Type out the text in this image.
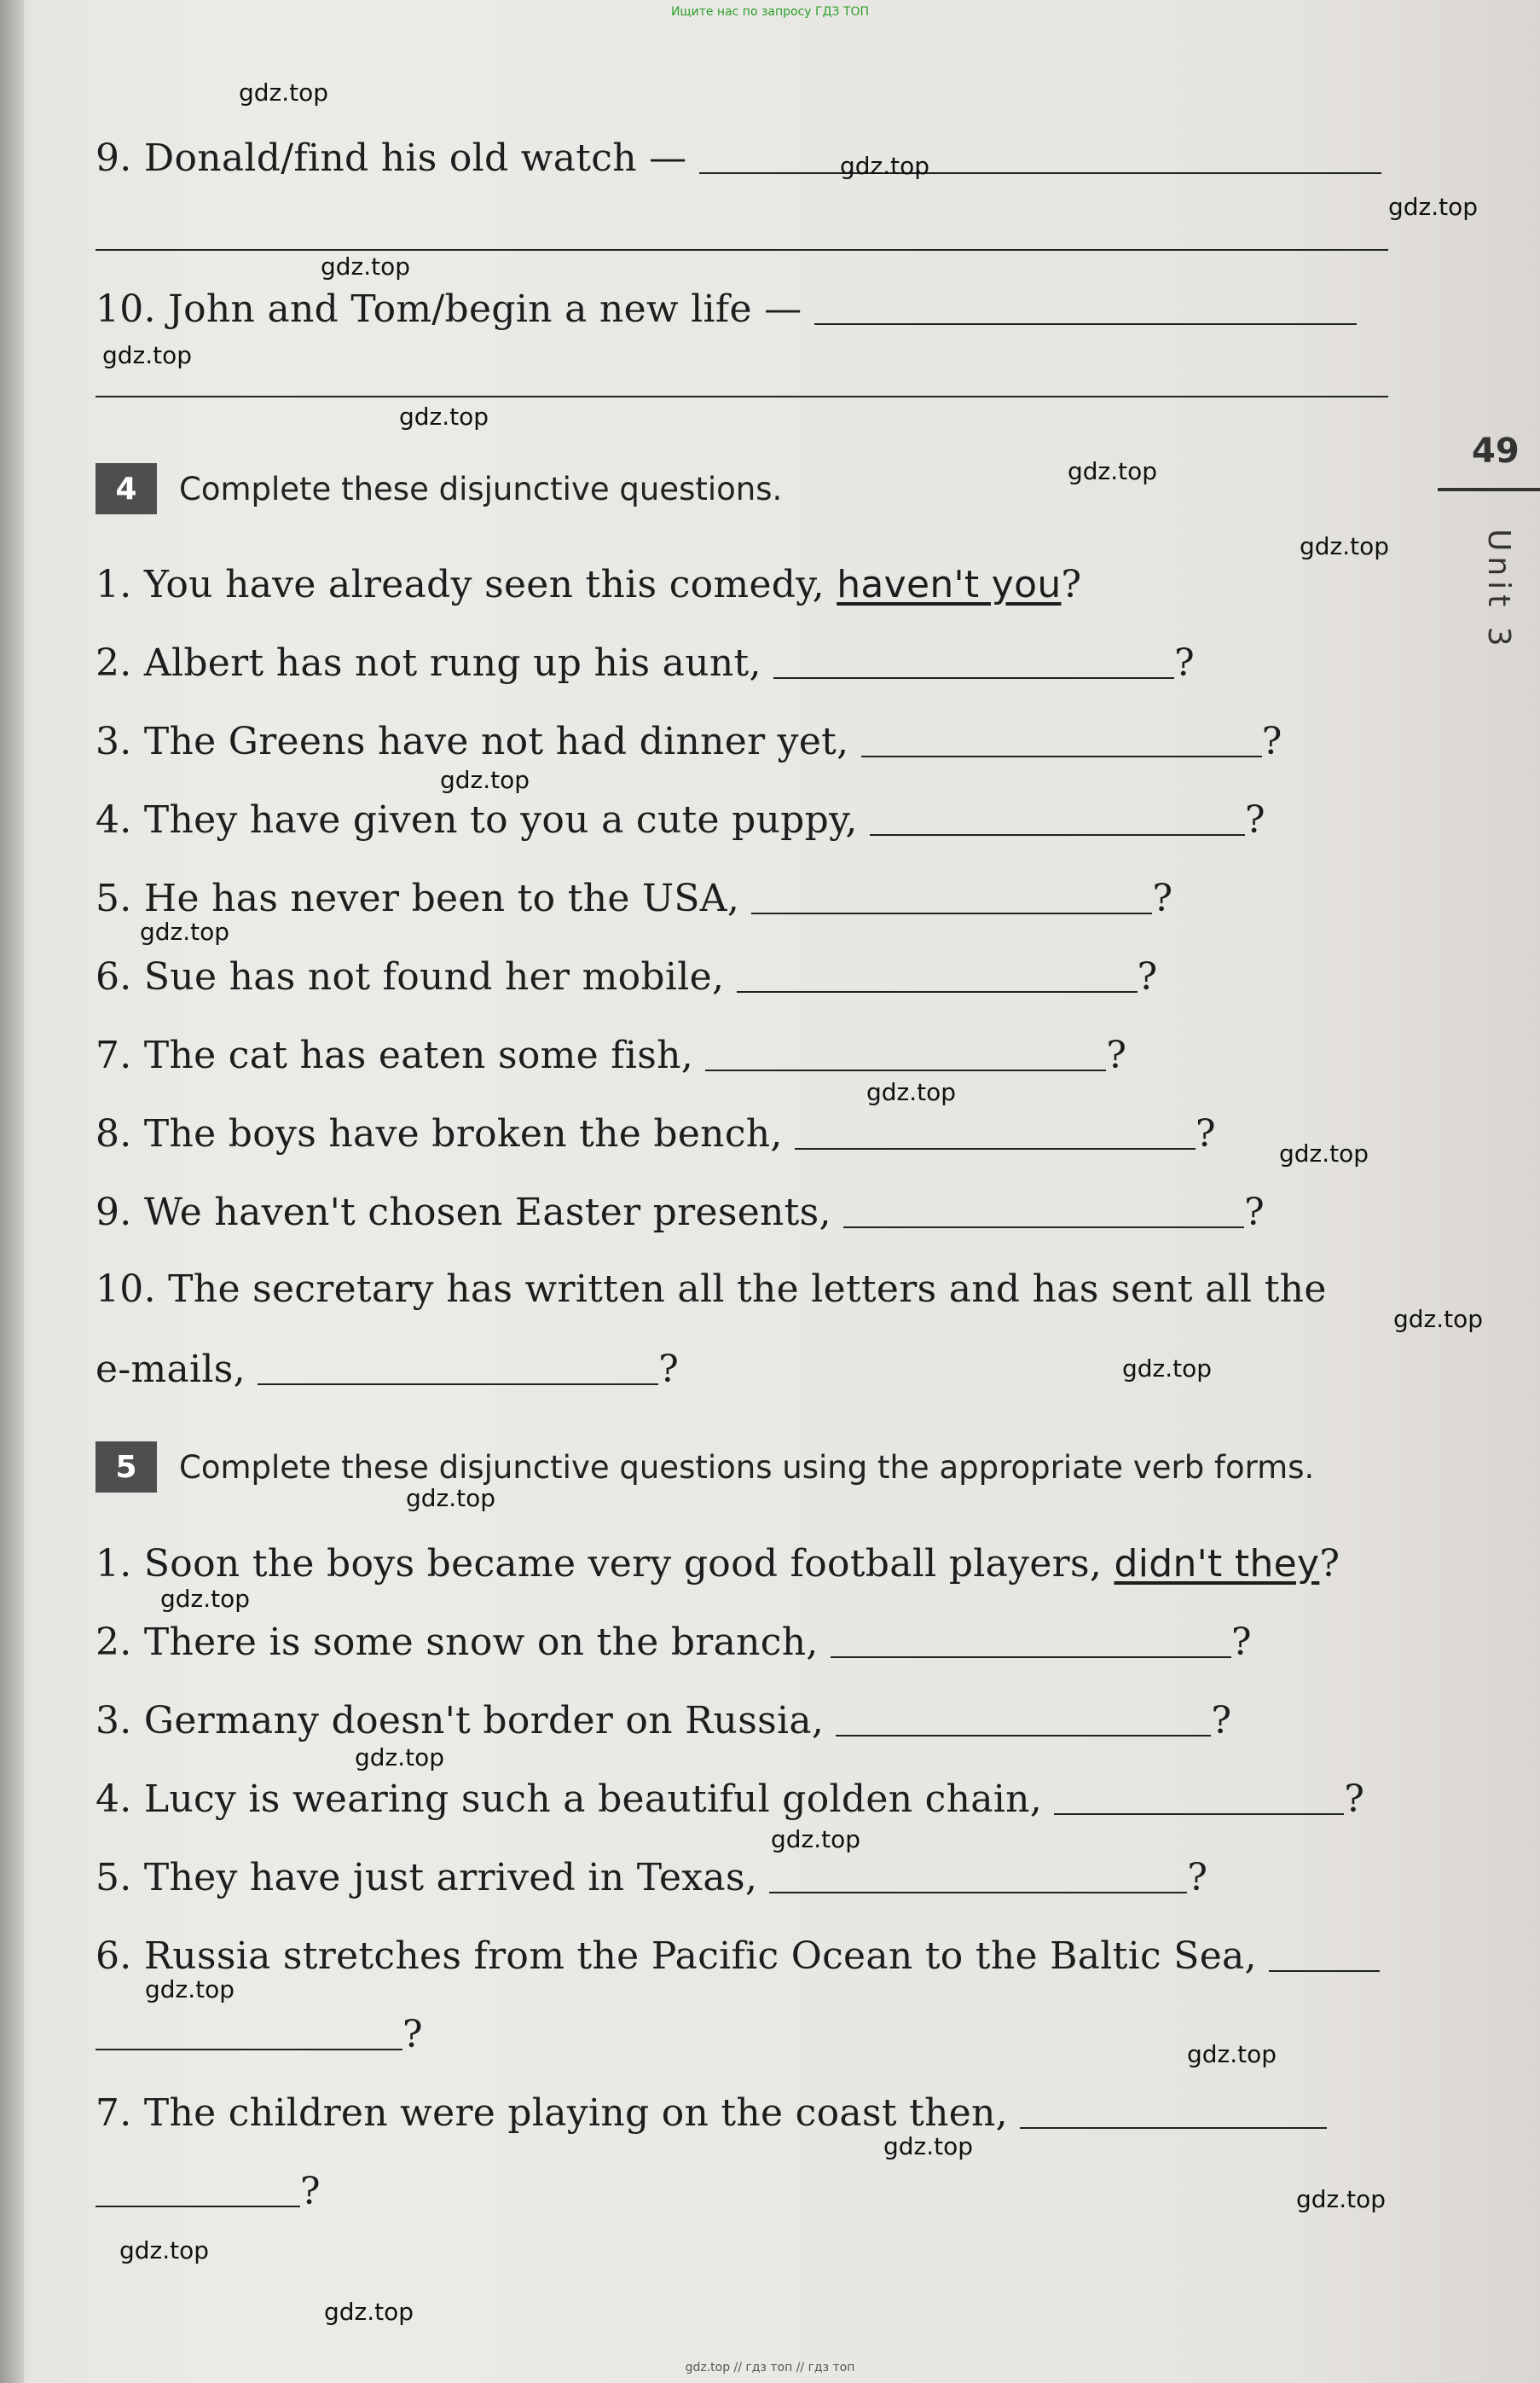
Ищите нас по запросу ГДЗ ТОП
9. Donald/find his old watch —
10. John and Tom/begin a new life —
4	Complete these disjunctive questions.
1. You have already seen this comedy, haven't you?
2. Albert has not rung up his aunt,	?
3. The Greens have not had dinner yet,	?
4. They have given to you a cute puppy,	?
5. He has never been to the USA,	?
6. Sue has not found her mobile,	?
7. The cat has eaten some fish,	?
8. The boys have broken the bench,	?
9. We haven't chosen Easter presents,	?
10. The secretary has written all the letters and has sent all the
e-mails,	?
5	Complete these disjunctive questions using the appropriate verb forms.
1. Soon the boys became very good football players, didn't they?
2. There is some snow on the branch,	?
3. Germany doesn't border on Russia,	?
4. Lucy is wearing such a beautiful golden chain,	?
5. They have just arrived in Texas,	?
6. Russia stretches from the Pacific Ocean to the Baltic Sea,
?
7. The children were playing on the coast then,
?
49
Unit 3
gdz.top
gdz.top
gdz.top
gdz.top
gdz.top
gdz.top
gdz.top
gdz.top
gdz.top
gdz.top
gdz.top
gdz.top
gdz.top
gdz.top
gdz.top
gdz.top
gdz.top
gdz.top
gdz.top
gdz.top
gdz.top
gdz.top
gdz.top
gdz.top
gdz.top // гдз топ // гдз топ
